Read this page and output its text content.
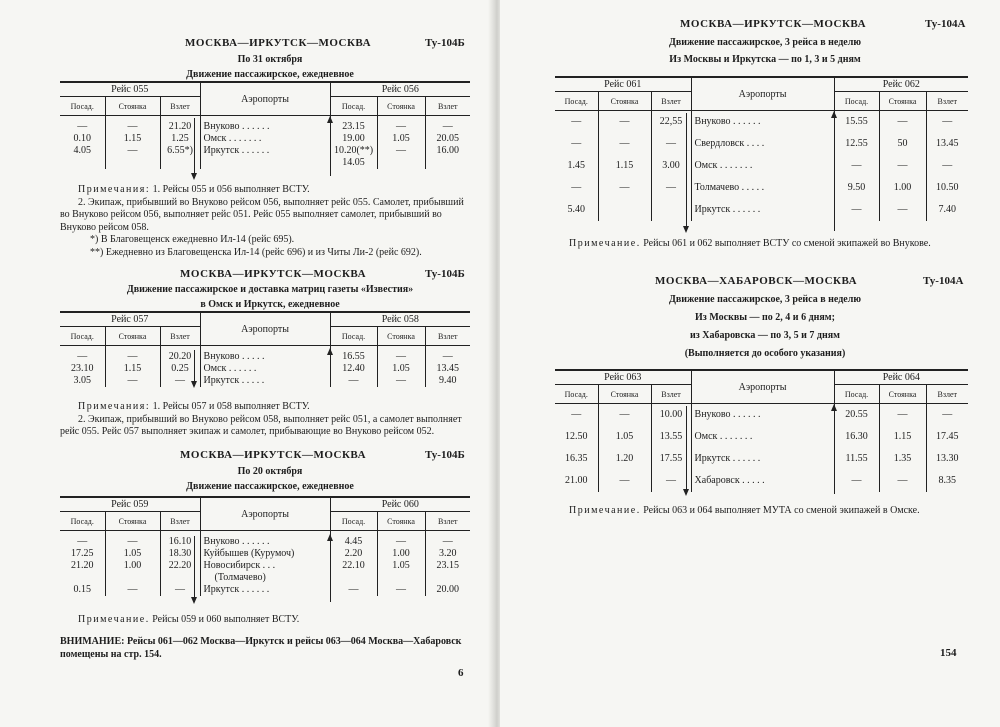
МОСКВА—ИРКУТСК—МОСКВА	Ту-104Б
По 31 октября
Движение пассажирское, ежедневное
Рейс 055			Аэропорты	Рейс 056		
Посад.	Стоянка	Взлет		Посад.	Стоянка	Взлет
—	—	21.20	Внуково . . . . . .	23.15	—	—
0.10	1.15	1.25	Омск . . . . . . .	19.00	1.05	20.05
4.05	—	6.55*)	Иркутск . . . . . .	10.20(**)	—	16.00
				14.05		
Примечания: 1. Рейсы 055 и 056 выполняет ВСТУ.
2. Экипаж, прибывший во Внуково рейсом 056, выполняет рейс 055. Самолет, прибывший во Внуково рейсом 056, выполняет рейс 051. Рейс 055 выполняет самолет, прибывший во Внуково рейсом 058.
*) В Благовещенск ежедневно Ил-14 (рейс 695).
**) Ежедневно из Благовещенска Ил-14 (рейс 696) и из Читы Ли-2 (рейс 692).
МОСКВА—ИРКУТСК—МОСКВА	Ту-104Б
Движение пассажирское и доставка матриц газеты «Известия»
в Омск и Иркутск, ежедневное
Рейс 057			Аэропорты	Рейс 058		
Посад.	Стоянка	Взлет		Посад.	Стоянка	Взлет
—	—	20.20	Внуково . . . . .	16.55	—	—
23.10	1.15	0.25	Омск . . . . . .	12.40	1.05	13.45
3.05	—	—	Иркутск . . . . .	—	—	9.40
Примечания: 1. Рейсы 057 и 058 выполняет ВСТУ.
2. Экипаж, прибывший во Внуково рейсом 058, выполняет рейс 051, а самолет выполняет рейс 055. Рейс 057 выполняет экипаж и самолет, прибывающие во Внуково рейсом 052.
МОСКВА—ИРКУТСК—МОСКВА	Ту-104Б
По 20 октября
Движение пассажирское, ежедневное
Рейс 059			Аэропорты	Рейс 060		
Посад.	Стоянка	Взлет		Посад.	Стоянка	Взлет
—	—	16.10	Внуково . . . . . .	4.45	—	—
17.25	1.05	18.30	Куйбышев (Курумоч)	2.20	1.00	3.20
21.20	1.00	22.20	Новосибирск . . .	22.10	1.05	23.15
			(Толмачево)			
0.15	—	—	Иркутск . . . . . .	—	—	20.00
Примечание. Рейсы 059 и 060 выполняет ВСТУ.
ВНИМАНИЕ: Рейсы 061—062 Москва—Иркутск и рейсы 063—064 Москва—Хабаровск помещены на стр. 154.
6
МОСКВА—ИРКУТСК—МОСКВА	Ту-104А
Движение пассажирское, 3 рейса в неделю
Из Москвы и Иркутска — по 1, 3 и 5 дням
Рейс 061			Аэропорты	Рейс 062		
Посад.	Стоянка	Взлет		Посад.	Стоянка	Взлет
—	—	22,55	Внуково . . . . . .	15.55	—	—
—	—	—	Свердловск . . . .	12.55	50	13.45
1.45	1.15	3.00	Омск . . . . . . .	—	—	—
—	—	—	Толмачево . . . . .	9.50	1.00	10.50
5.40			Иркутск . . . . . .	—	—	7.40
Примечание. Рейсы 061 и 062 выполняет ВСТУ со сменой экипажей во Внукове.
МОСКВА—ХАБАРОВСК—МОСКВА	Ту-104А
Движение пассажирское, 3 рейса в неделю
Из Москвы — по 2, 4 и 6 дням;
из Хабаровска — по 3, 5 и 7 дням
(Выполняется до особого указания)
Рейс 063			Аэропорты	Рейс 064		
Посад.	Стоянка	Взлет		Посад.	Стоянка	Взлет
—	—	10.00	Внуково . . . . . .	20.55	—	—
12.50	1.05	13.55	Омск . . . . . . .	16.30	1.15	17.45
16.35	1.20	17.55	Иркутск . . . . . .	11.55	1.35	13.30
21.00	—	—	Хабаровск . . . . .	—	—	8.35
Примечание. Рейсы 063 и 064 выполняет МУТА со сменой экипажей в Омске.
154
